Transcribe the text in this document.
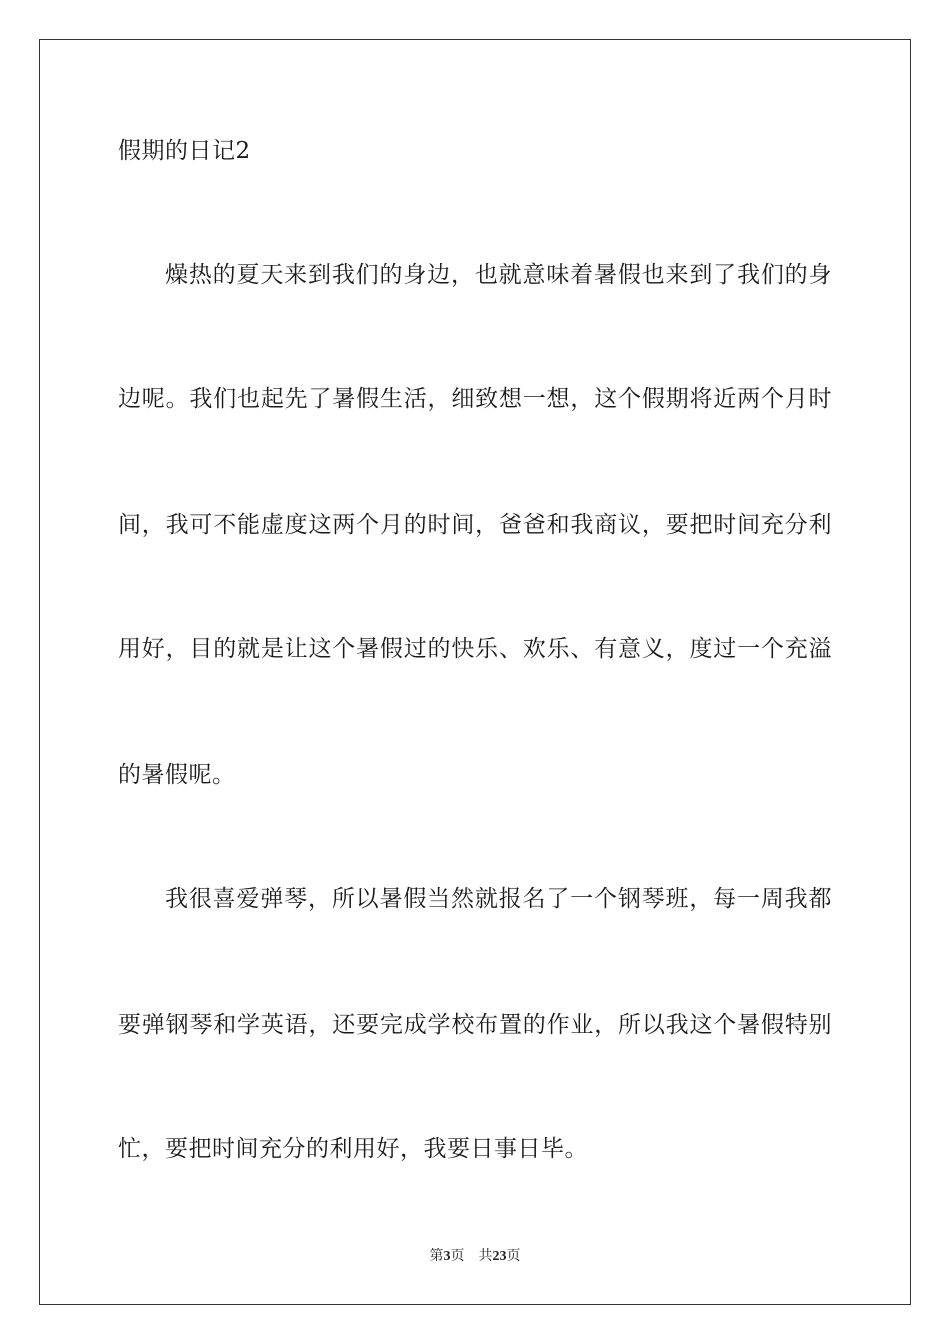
假期的日记2
燥热的夏天来到我们的身边，也就意味着暑假也来到了我们的身
边呢。我们也起先了暑假生活，细致想一想，这个假期将近两个月时
间，我可不能虚度这两个月的时间，爸爸和我商议，要把时间充分利
用好，目的就是让这个暑假过的快乐、欢乐、有意义，度过一个充溢
的暑假呢。
我很喜爱弹琴，所以暑假当然就报名了一个钢琴班，每一周我都
要弹钢琴和学英语，还要完成学校布置的作业，所以我这个暑假特别
忙，要把时间充分的利用好，我要日事日毕。
第3页 共23页
